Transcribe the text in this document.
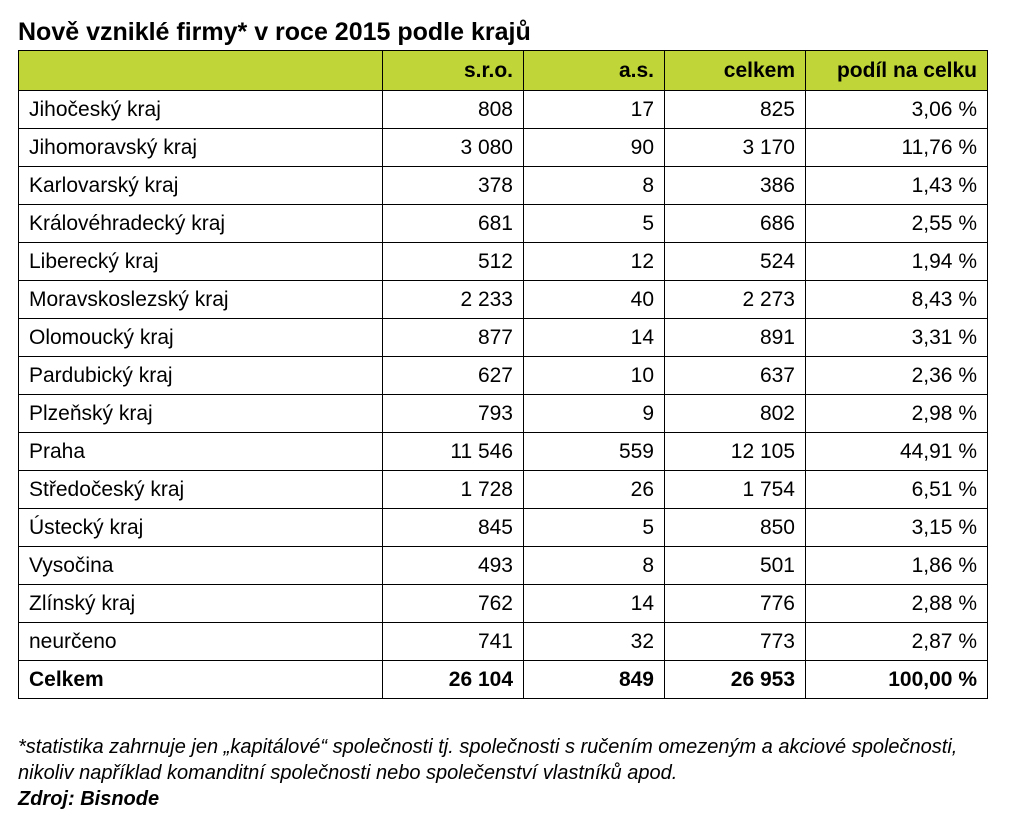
Nově vzniklé firmy* v roce 2015 podle krajů
	s.r.o.	a.s.	celkem	podíl na celku
Jihočeský kraj	808	17	825	3,06 %
Jihomoravský kraj	3 080	90	3 170	11,76 %
Karlovarský kraj	378	8	386	1,43 %
Královéhradecký kraj	681	5	686	2,55 %
Liberecký kraj	512	12	524	1,94 %
Moravskoslezský kraj	2 233	40	2 273	8,43 %
Olomoucký kraj	877	14	891	3,31 %
Pardubický kraj	627	10	637	2,36 %
Plzeňský kraj	793	9	802	2,98 %
Praha	11 546	559	12 105	44,91 %
Středočeský kraj	1 728	26	1 754	6,51 %
Ústecký kraj	845	5	850	3,15 %
Vysočina	493	8	501	1,86 %
Zlínský kraj	762	14	776	2,88 %
neurčeno	741	32	773	2,87 %
Celkem	26 104	849	26 953	100,00 %
*statistika zahrnuje jen „kapitálové“ společnosti tj. společnosti s ručením omezeným a akciové společnosti, nikoliv například komanditní společnosti nebo společenství vlastníků apod.
Zdroj: Bisnode
